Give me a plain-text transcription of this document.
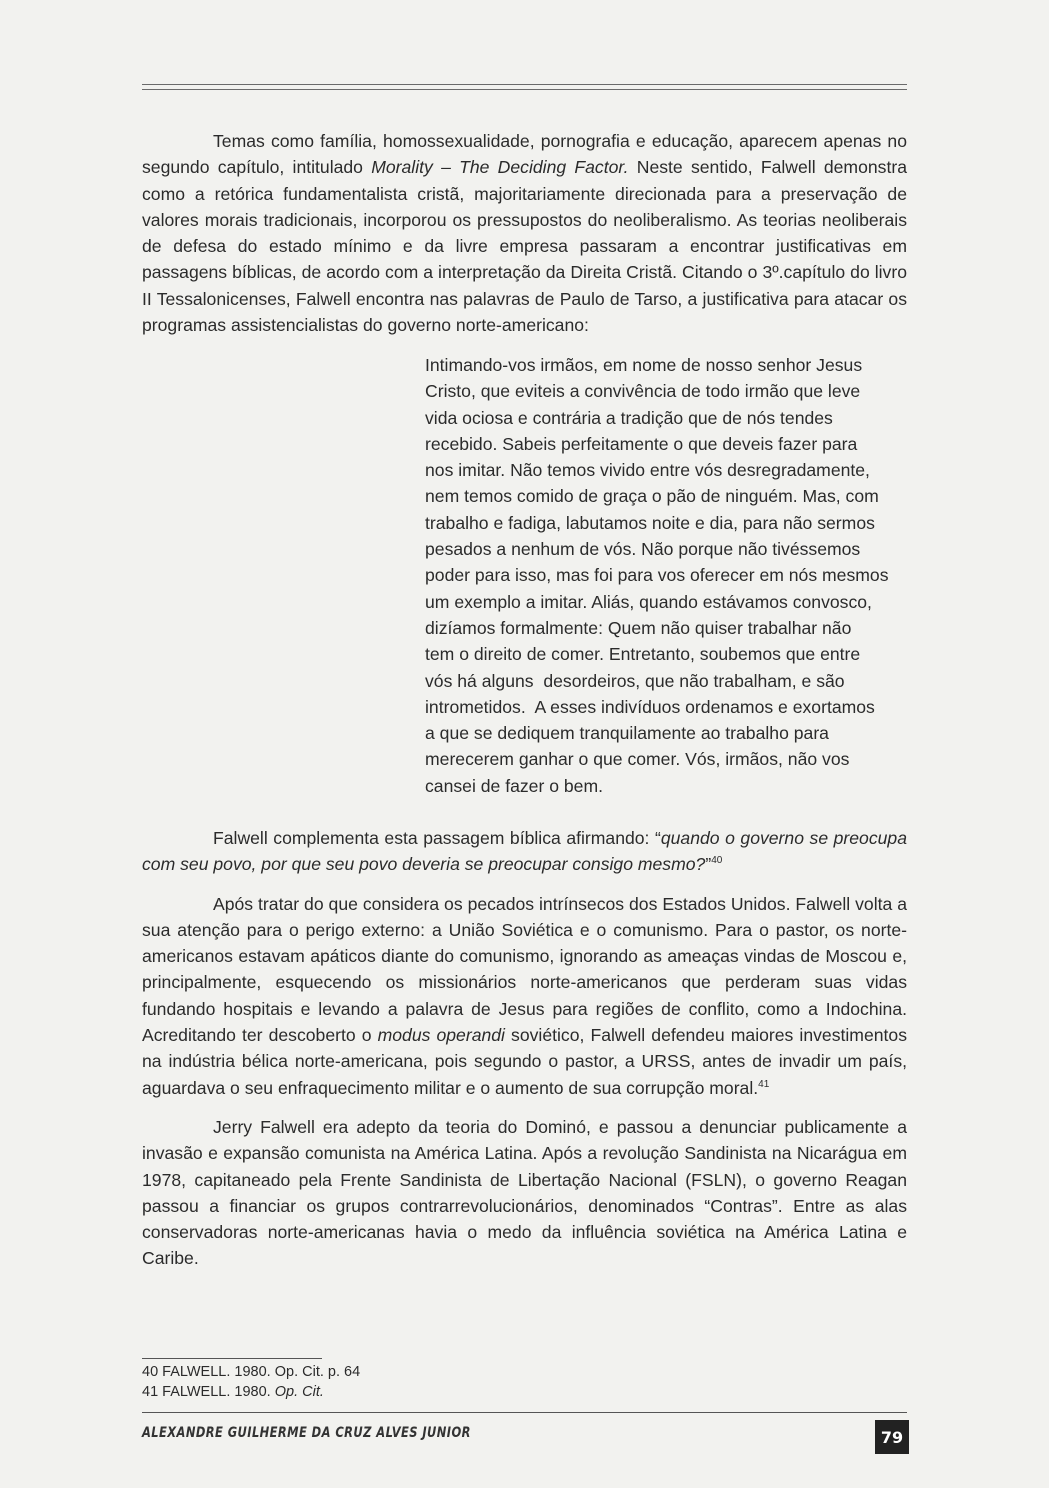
Temas como família, homossexualidade, pornografia e educação, aparecem apenas no segundo capítulo, intitulado Morality – The Deciding Factor. Neste sentido, Falwell demonstra como a retórica fundamentalista cristã, majoritariamente direcionada para a preservação de valores morais tradicionais, incorporou os pressupostos do neoliberalismo. As teorias neoliberais de defesa do estado mínimo e da livre empresa passaram a encontrar justificativas em passagens bíblicas, de acordo com a interpretação da Direita Cristã. Citando o 3º.capítulo do livro II Tessalonicenses, Falwell encontra nas palavras de Paulo de Tarso, a justificativa para atacar os programas assistencialistas do governo norte-americano:

Intimando-vos irmãos, em nome de nosso senhor Jesus
Cristo, que eviteis a convivência de todo irmão que leve
vida ociosa e contrária a tradição que de nós tendes
recebido. Sabeis perfeitamente o que deveis fazer para
nos imitar. Não temos vivido entre vós desregradamente,
nem temos comido de graça o pão de ninguém. Mas, com
trabalho e fadiga, labutamos noite e dia, para não sermos
pesados a nenhum de vós. Não porque não tivéssemos
poder para isso, mas foi para vos oferecer em nós mesmos
um exemplo a imitar. Aliás, quando estávamos convosco,
dizíamos formalmente: Quem não quiser trabalhar não
tem o direito de comer. Entretanto, soubemos que entre
vós há alguns  desordeiros, que não trabalham, e são
intrometidos.  A esses indivíduos ordenamos e exortamos
a que se dediquem tranquilamente ao trabalho para
merecerem ganhar o que comer. Vós, irmãos, não vos
cansei de fazer o bem.

Falwell complementa esta passagem bíblica afirmando: “quando o governo se preocupa com seu povo, por que seu povo deveria se preocupar consigo mesmo?”$^{40}$

Após tratar do que considera os pecados intrínsecos dos Estados Unidos. Falwell volta a sua atenção para o perigo externo: a União Soviética e o comunismo. Para o pastor, os norte-americanos estavam apáticos diante do comunismo, ignorando as ameaças vindas de Moscou e, principalmente, esquecendo os missionários norte-americanos que perderam suas vidas fundando hospitais e levando a palavra de Jesus para regiões de conflito, como a Indochina. Acreditando ter descoberto o modus operandi soviético, Falwell defendeu maiores investimentos na indústria bélica norte-americana, pois segundo o pastor, a URSS, antes de invadir um país, aguardava o seu enfraquecimento militar e o aumento de sua corrupção moral.$^{41}$

Jerry Falwell era adepto da teoria do Dominó, e passou a denunciar publicamente a invasão e expansão comunista na América Latina. Após a revolução Sandinista na Nicarágua em 1978, capitaneado pela Frente Sandinista de Libertação Nacional (FSLN), o governo Reagan passou a financiar os grupos contrarrevolucionários, denominados “Contras”. Entre as alas conservadoras norte-americanas havia o medo da influência soviética na América Latina e Caribe.

40 FALWELL. 1980. Op. Cit. p. 64
41 FALWELL. 1980. Op. Cit.
ALEXANDRE GUILHERME DA CRUZ ALVES JUNIOR	79
